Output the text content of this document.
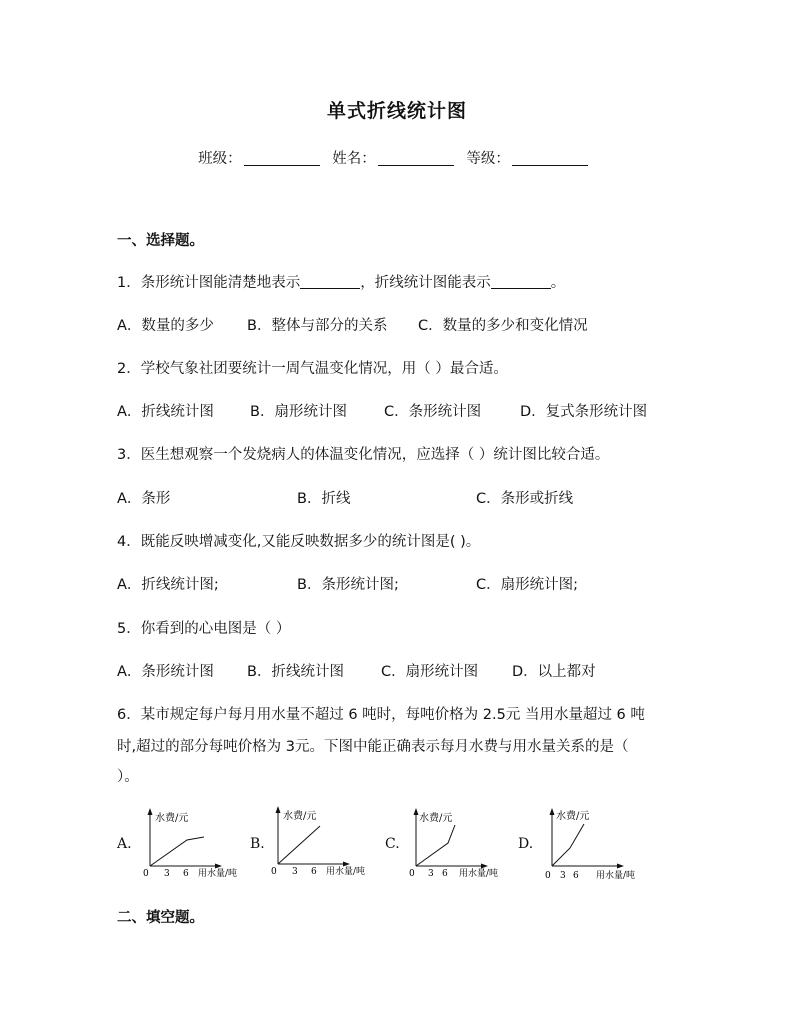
单式折线统计图
班级：	姓名：	等级：
一、选择题。
1．条形统计图能清楚地表示	，折线统计图能表示	。
A．数量的多少 B．整体与部分的关系 C．数量的多少和变化情况
2．学校气象社团要统计一周气温变化情况，用（ ）最合适。
A．折线统计图 B．扇形统计图	C．条形统计图	D．复式条形统计图
3．医生想观察一个发烧病人的体温变化情况，应选择（ ）统计图比较合适。
A．条形	B．折线	C．条形或折线
4．既能反映增减变化,又能反映数据多少的统计图是( )。
A．折线统计图;	B．条形统计图;	C．扇形统计图;
5．你看到的心电图是（ ）
A．条形统计图 B．折线统计图	C．扇形统计图 D．以上都对
6．某市规定每户每月用水量不超过 6 吨时，每吨价格为 2.5元 当用水量超过 6 吨
时,超过的部分每吨价格为 3元。下图中能正确表示每月水费与用水量关系的是（
）。
A.
水费/元
0 3 6 用水量/吨
B.
水费/元
0 3 6 用水量/吨
C.
水费/元
0 3 6 用水量/吨
D.
水费/元
0 3 6 用水量/吨
二、填空题。
